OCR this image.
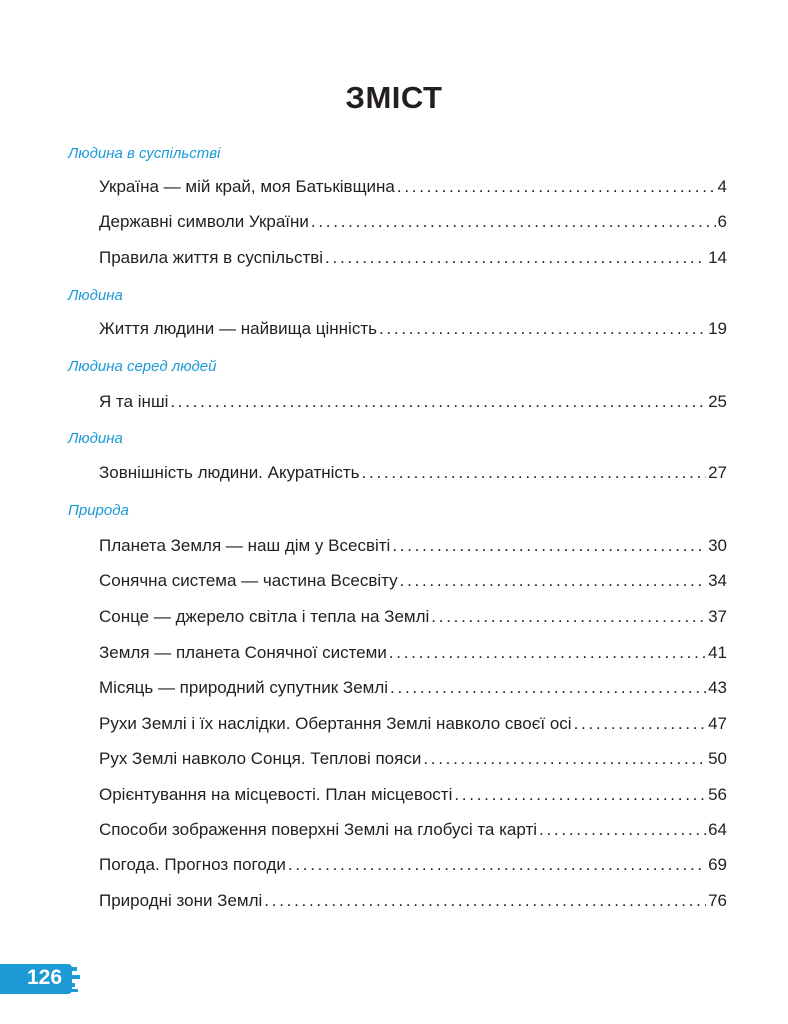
ЗМІСТ
Людина в суспільстві
Україна — мій край, моя Батьківщина . . .	4
Державні символи України . . .	6
Правила життя в суспільстві . . .	14
Людина
Життя людини — найвища цінність . . .	19
Людина серед людей
Я та інші . . .	25
Людина
Зовнішність людини. Акуратність . . .	27
Природа
Планета Земля — наш дім у Всесвіті . . .	30
Сонячна система — частина Всесвіту . . .	34
Сонце — джерело світла і тепла на Землі . . .	37
Земля — планета Сонячної системи . . .	41
Місяць — природний супутник Землі . . .	43
Рухи Землі і їх наслідки. Обертання Землі навколо своєї осі . . .	47
Рух Землі навколо Сонця. Теплові пояси . . .	50
Орієнтування на місцевості. План місцевості . . .	56
Способи зображення поверхні Землі на глобусі та карті . . .	64
Погода. Прогноз погоди . . .	69
Природні зони Землі . . .	76
126
